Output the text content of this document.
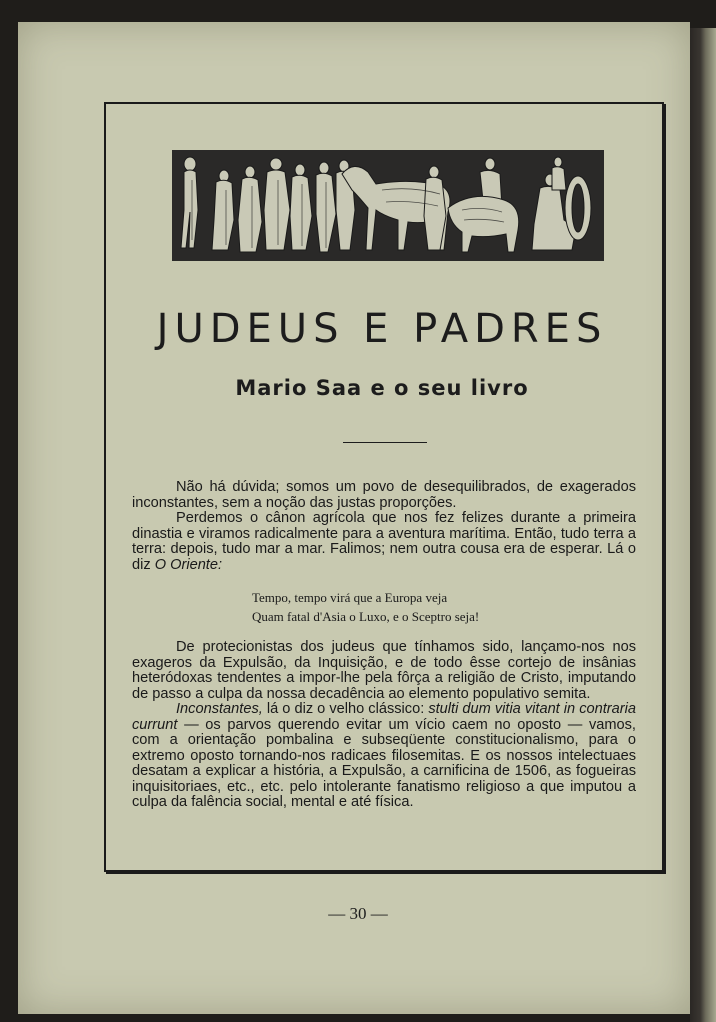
JUDEUS E PADRES
Mario Saa e o seu livro

Não há dúvida; somos um povo de desequilibrados, de exagerados inconstantes, sem a noção das justas proporções.

Perdemos o cânon agrícola que nos fez felizes durante a primeira dinastia e viramos radicalmente para a aventura marítima. Então, tudo terra a terra: depois, tudo mar a mar. Falimos; nem outra cousa era de esperar. Lá o diz O Oriente:

Tempo, tempo virá que a Europa veja
Quam fatal d'Asia o Luxo, e o Sceptro seja!

De protecionistas dos judeus que tínhamos sido, lançamo-nos nos exageros da Expulsão, da Inquisição, e de todo êsse cortejo de insânias heteródoxas tendentes a impor-lhe pela fôrça a religião de Cristo, imputando de passo a culpa da nossa decadência ao elemento populativo semita.

Inconstantes, lá o diz o velho clássico: stulti dum vitia vitant in contraria currunt — os parvos querendo evitar um vício caem no oposto — vamos, com a orientação pombalina e subseqüente constitucionalismo, para o extremo oposto tornando-nos radicaes filosemitas. E os nossos intelectuaes desatam a explicar a história, a Expulsão, a carnificina de 1506, as fogueiras inquisitoriaes, etc., etc. pelo intolerante fanatismo religioso a que imputou a culpa da falência social, mental e até física.

— 30 —
